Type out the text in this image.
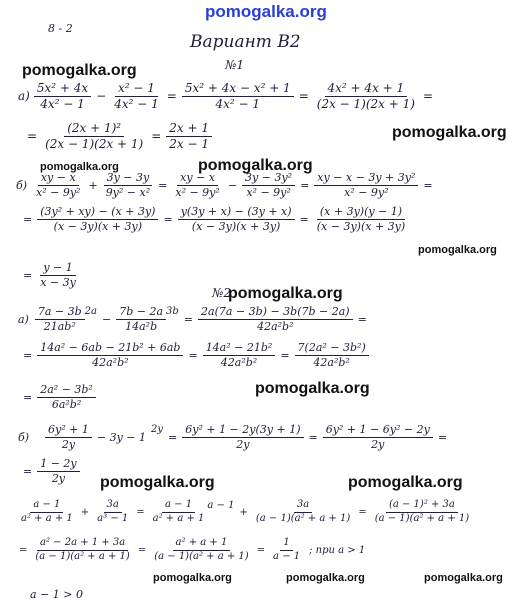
pomogalka.org
8 - 2
Вариант В2
№1
pomogalka.org
pomogalka.org
pomogalka.org	pomogalka.org
pomogalka.org
pomogalka.org
pomogalka.org
pomogalka.org	pomogalka.org
pomogalka.org	pomogalka.org	pomogalka.org
$а) \frac{\text{5x² + 4x}}{\text{4x² − 1}} - \frac{\text{x² − 1}}{\text{4x² − 1}} = \frac{\text{5x² + 4x − x² + 1}}{\text{4x² − 1}} = \frac{\text{4x² + 4x + 1}}{(2x - 1)(2x + 1)}$ =
= $\frac{\text{(2x + 1)²}}{(2x - 1)(2x + 1)} = \frac{2x + 1}{2x - 1}$
$б) \frac{xy - x}{\text{x² − 9y²}} + \frac{3y - 3y}{\text{9y² − x²}} = \frac{xy - x}{\text{x² − 9y²}} - \frac{\text{3y − 3y²}}{\text{x² − 9y²}} = \frac{\text{xy − x − 3y + 3y²}}{\text{x² − 9y²}}$ =
= $\frac{\text{(3y² + xy) − (x + 3y)}}{(x - 3y)(x + 3y)} = \frac{y(3y + x) - (3y + x)}{(x - 3y)(x + 3y)} = \frac{(x + 3y)(y - 1)}{(x - 3y)(x + 3y)}$
= $\frac{y - 1}{x - 3y}$
№2
$а) \frac{7a - 3b}{\text{21ab²}} 2a$
− $\frac{7b - 2a}{\text{14a²b}} 3b$
= $\frac{2a(7a - 3b) - 3b(7b - 2a)}{\text{42a²b²}}$ =
= $\frac{\text{14a² − 6ab − 21b² + 6ab}}{\text{42a²b²}} = \frac{\text{14a² − 21b²}}{\text{42a²b²}} = \frac{\text{7(2a² − 3b²)}}{\text{42a²b²}}$
= $\frac{\text{2a² − 3b²}}{\text{6a²b²}}$
$б) \frac{\text{6y² + 1}}{2y} - 3y - 1$
2y
= $\frac{\text{6y² + 1 − 2y(3y + 1)}}{2y} = \frac{\text{6y² + 1 − 6y² − 2y}}{2y}$ =
= $\frac{1 - 2y}{2y}$
$\frac{a - 1}{\text{a² + a + 1}} + \frac{3a}{\text{a³ − 1}} = \frac{a - 1}{\text{a² + a + 1}}$ a − 1
+ $\frac{3a}{\text{(a − 1)(a² + a + 1)}} = \frac{\text{(a − 1)² + 3a}}{\text{(a − 1)(a² + a + 1)}}$
= $\frac{\text{a² − 2a + 1 + 3a}}{\text{(a − 1)(a² + a + 1)}} = \frac{\text{a² + a + 1}}{\text{(a − 1)(a² + a + 1)}} = \frac{1}{a - 1}$ ; при a > 1
a − 1 > 0
